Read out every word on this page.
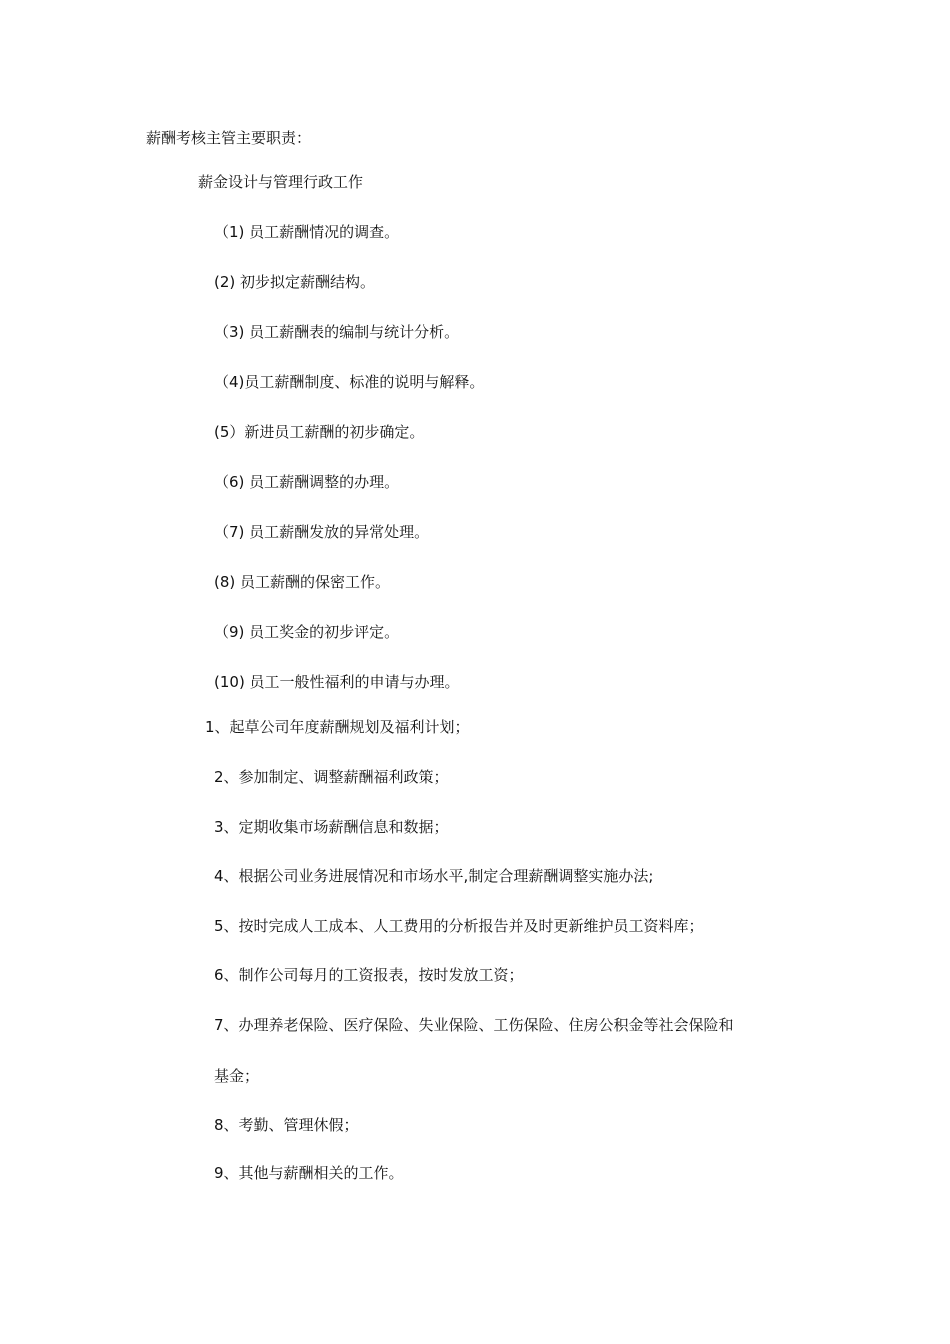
薪酬考核主管主要职责：
薪金设计与管理行政工作
（1) 员工薪酬情况的调查。
(2) 初步拟定薪酬结构。
（3) 员工薪酬表的编制与统计分析。
（4)员工薪酬制度、标准的说明与解释。
(5）新进员工薪酬的初步确定。
（6) 员工薪酬调整的办理。
（7) 员工薪酬发放的异常处理。
(8) 员工薪酬的保密工作。
（9) 员工奖金的初步评定。
(10) 员工一般性福利的申请与办理。
1、起草公司年度薪酬规划及福利计划；
2、参加制定、调整薪酬福利政策；
3、定期收集市场薪酬信息和数据；
4、根据公司业务进展情况和市场水平,制定合理薪酬调整实施办法;
5、按时完成人工成本、人工费用的分析报告并及时更新维护员工资料库；
6、制作公司每月的工资报表，按时发放工资；
7、办理养老保险、医疗保险、失业保险、工伤保险、住房公积金等社会保险和
基金；
8、考勤、管理休假；
9、其他与薪酬相关的工作。
